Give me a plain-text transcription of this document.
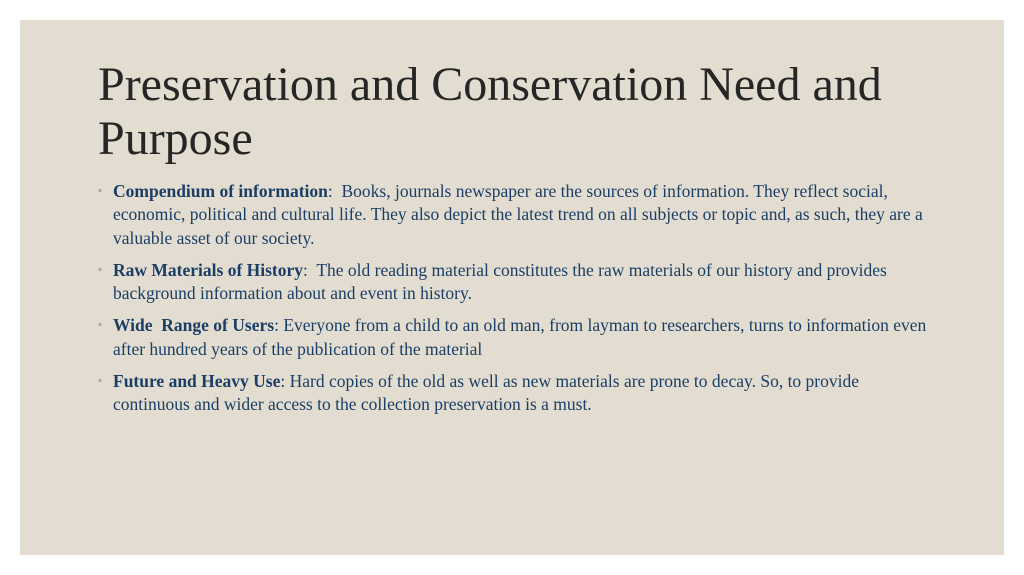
Preservation and Conservation Need and Purpose
◦ Compendium of information:  Books, journals newspaper are the sources of information. They reflect social, economic, political and cultural life. They also depict the latest trend on all subjects or topic and, as such, they are a valuable asset of our society.
◦ Raw Materials of History:  The old reading material constitutes the raw materials of our history and provides background information about and event in history.
◦ Wide  Range of Users: Everyone from a child to an old man, from layman to researchers, turns to information even after hundred years of the publication of the material
◦ Future and Heavy Use: Hard copies of the old as well as new materials are prone to decay. So, to provide continuous and wider access to the collection preservation is a must.
